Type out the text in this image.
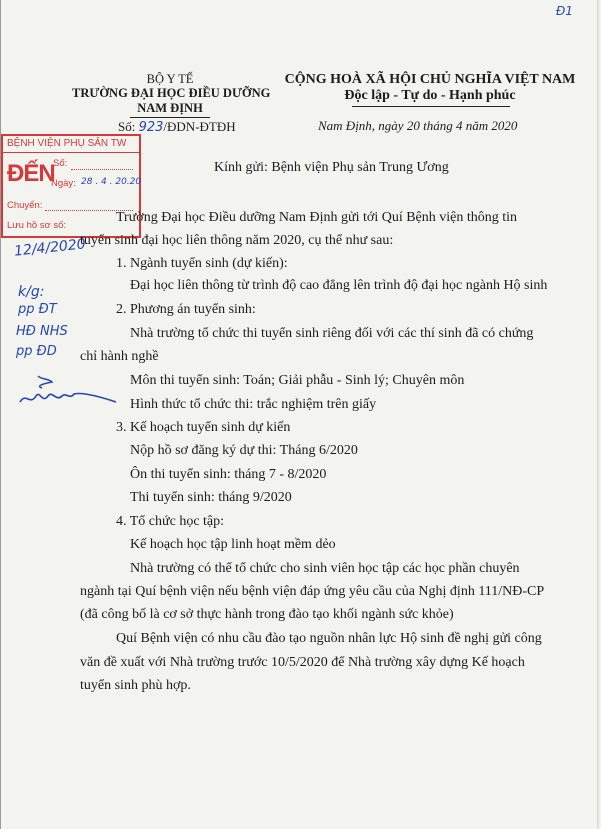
Đ1
BỘ Y TẾ
TRƯỜNG ĐẠI HỌC ĐIỀU DƯỠNG
NAM ĐỊNH
CỘNG HOÀ XÃ HỘI CHỦ NGHĨA VIỆT NAM
Độc lập - Tự do - Hạnh phúc
Số: 923/ĐDN-ĐTĐH	Nam Định, ngày 20 tháng 4 năm 2020
BỆNH VIỆN PHỤ SẢN TW
ĐẾN
Số:
Ngày: 28 . 4 . 20.20
Chuyển:
Lưu hồ sơ số:
Kính gửi: Bệnh viện Phụ sản Trung Ương
12/4/2020
k/g:
pp ĐT
HĐ NHS
pp ĐD
Trường Đại học Điều dưỡng Nam Định gửi tới Quí Bệnh viện thông tin
tuyển sinh đại học liên thông năm 2020, cụ thể như sau:
1. Ngành tuyển sinh (dự kiến):
Đại học liên thông từ trình độ cao đẳng lên trình độ đại học ngành Hộ sinh
2. Phương án tuyển sinh:
Nhà trường tổ chức thi tuyển sinh riêng đối với các thí sinh đã có chứng
chỉ hành nghề
Môn thi tuyển sinh: Toán; Giải phẫu - Sinh lý; Chuyên môn
Hình thức tổ chức thi: trắc nghiệm trên giấy
3. Kế hoạch tuyển sinh dự kiến
Nộp hồ sơ đăng ký dự thi: Tháng 6/2020
Ôn thi tuyển sinh: tháng 7 - 8/2020
Thi tuyển sinh: tháng 9/2020
4. Tổ chức học tập:
Kế hoạch học tập linh hoạt mềm dẻo
Nhà trường có thể tổ chức cho sinh viên học tập các học phần chuyên
ngành tại Quí bệnh viện nếu bệnh viện đáp ứng yêu cầu của Nghị định 111/NĐ-CP
(đã công bố là cơ sở thực hành trong đào tạo khối ngành sức khỏe)
Quí Bệnh viện có nhu cầu đào tạo nguồn nhân lực Hộ sinh đề nghị gửi công
văn đề xuất với Nhà trường trước 10/5/2020 để Nhà trường xây dựng Kế hoạch
tuyển sinh phù hợp.
